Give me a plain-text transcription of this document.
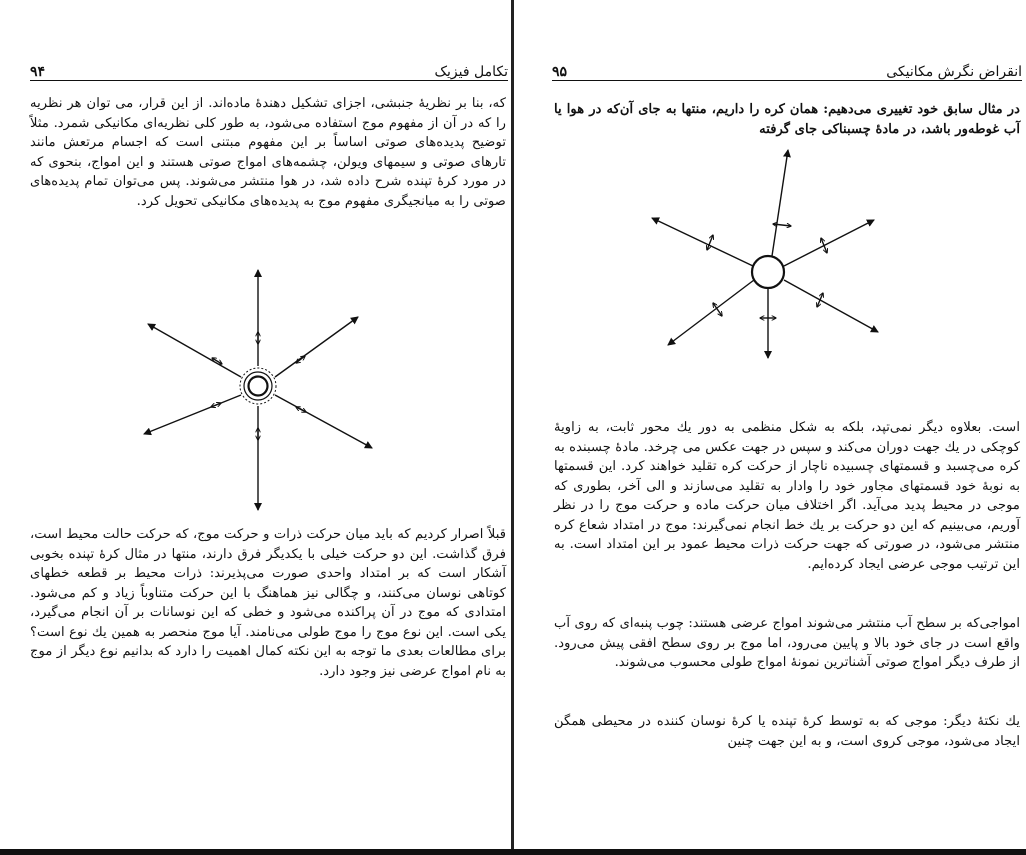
تکامل فیزیک
۹۴

که، بنا بر نظریهٔ جنبشی، اجزای تشکیل دهندهٔ ماده‌اند. از این قرار، می توان هر نظریه را که در آن از مفهوم موج استفاده می‌شود، به طور کلی نظریه‌ای مکانیکی شمرد. مثلاً توضیح پدیده‌های صوتی اساساً بر این مفهوم مبتنی است که اجسام مرتعش مانند تارهای صوتی و سیمهای ویولن، چشمه‌های امواج صوتی هستند و این امواج، بنحوی که در مورد کرهٔ تپنده شرح داده شد، در هوا منتشر می‌شوند. پس می‌توان تمام پدیده‌های صوتی را به میانجیگری مفهوم موج به پدیده‌های مکانیکی تحویل کرد.

قبلاً اصرار کردیم که باید میان حرکت ذرات و حرکت موج، که حرکت حالت محیط است، فرق گذاشت. این دو حرکت خیلی با یکدیگر فرق دارند، منتها در مثال کرهٔ تپنده بخوبی آشکار است که بر امتداد واحدی صورت می‌پذیرند: ذرات محیط بر قطعه خطهای کوتاهی نوسان می‌کنند، و چگالی نیز هماهنگ با این حرکت متناوباً زیاد و کم می‌شود. امتدادی که موج در آن پراکنده می‌شود و خطی که این نوسانات بر آن انجام می‌گیرد، یکی است. این نوع موج را موج طولی می‌نامند. آیا موج منحصر به همین یك نوع است؟ برای مطالعات بعدی ما توجه به این نکته کمال اهمیت را دارد که بدانیم نوع دیگر از موج به نام امواج عرضی نیز وجود دارد.

انقراض نگرش مکانیکی
۹۵

در مثال سابق خود تغییری می‌دهیم: همان کره را داریم، منتها به جای آن‌که در هوا یا آب غوطه‌ور باشد، در مادهٔ چسبناکی جای گرفته

است. بعلاوه دیگر نمی‌تپد، بلکه به شکل منظمی به دور یك محور ثابت، به زاویهٔ کوچکی در یك جهت دوران می‌کند و سپس در جهت عکس می چرخد. مادهٔ چسبنده به کره می‌چسبد و قسمتهای چسبیده ناچار از حرکت کره تقلید خواهند کرد. این قسمتها به نوبهٔ خود قسمتهای مجاور خود را وادار به تقلید می‌سازند و الی آخر، بطوری که موجی در محیط پدید می‌آید. اگر اختلاف میان حرکت ماده و حرکت موج را در نظر آوریم، می‌بینیم که این دو حرکت بر یك خط انجام نمی‌گیرند: موج در امتداد شعاع کره منتشر می‌شود، در صورتی که جهت حرکت ذرات محیط عمود بر این امتداد است. به این ترتیب موجی عرضی ایجاد کرده‌ایم.

امواجی‌که بر سطح آب منتشر می‌شوند امواج عرضی هستند: چوب‌ پنبه‌ای که روی آب واقع است در جای خود بالا و پایین می‌رود، اما موج بر روی سطح افقی پیش می‌رود. از طرف دیگر امواج صوتی آشناترین نمونهٔ امواج طولی محسوب می‌شوند.

یك نکتهٔ دیگر: موجی که به توسط کرهٔ تپنده یا کرهٔ نوسان کننده در محیطی همگن ایجاد می‌شود، موجی کروی است، و به این جهت چنین
